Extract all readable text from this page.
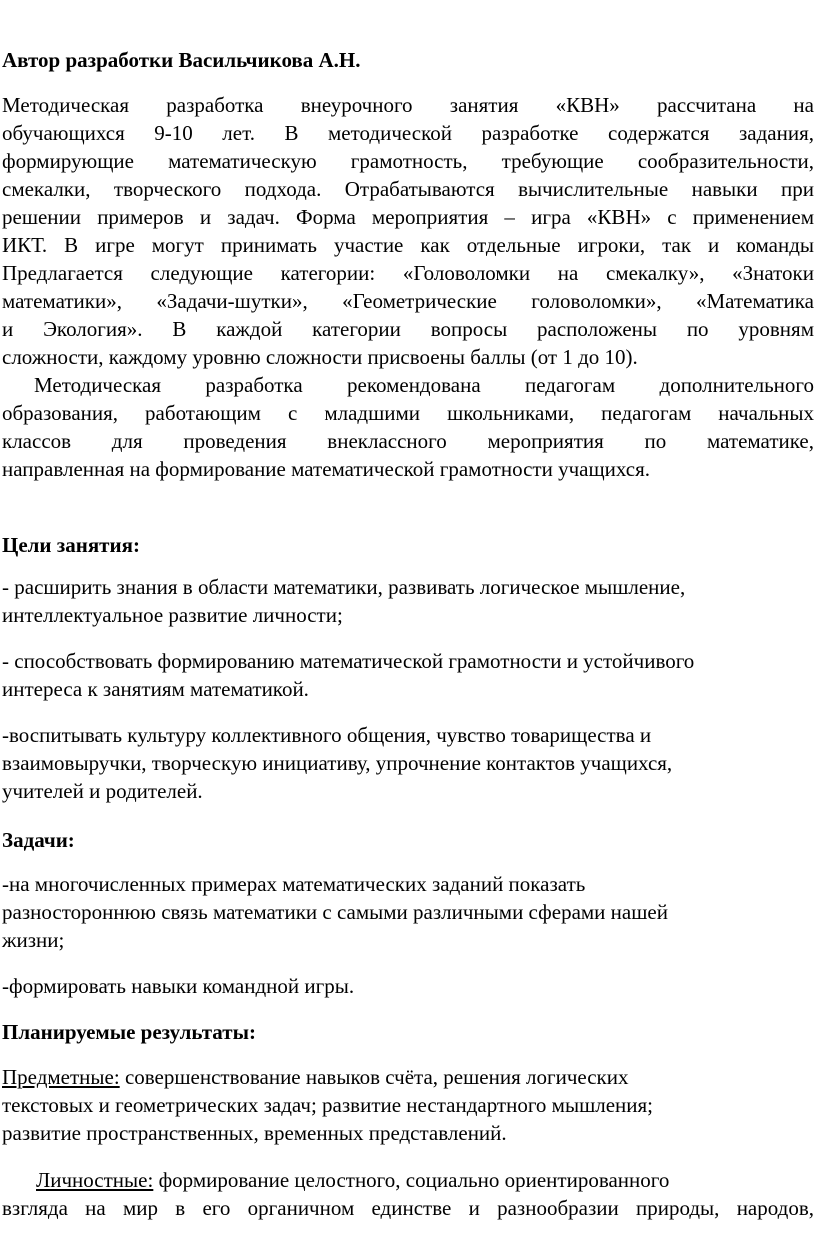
Автор разработки Васильчикова А.Н.
Методическая разработка внеурочного занятия «КВН» рассчитана на
обучающихся 9-10 лет. В методической разработке содержатся задания,
формирующие математическую грамотность, требующие сообразительности,
смекалки, творческого подхода. Отрабатываются вычислительные навыки при
решении примеров и задач. Форма мероприятия – игра «КВН» с применением
ИКТ. В игре могут принимать участие как отдельные игроки, так и команды
Предлагается следующие категории: «Головоломки на смекалку», «Знатоки
математики», «Задачи-шутки», «Геометрические головоломки», «Математика
и Экология». В каждой категории вопросы расположены по уровням
сложности, каждому уровню сложности присвоены баллы (от 1 до 10).
Методическая разработка рекомендована педагогам дополнительного
образования, работающим с младшими школьниками, педагогам начальных
классов для проведения внеклассного мероприятия по математике,
направленная на формирование математической грамотности учащихся.
Цели занятия:
- расширить знания в области математики, развивать логическое мышление,
интеллектуальное развитие личности;
- способствовать формированию математической грамотности и устойчивого
интереса к занятиям математикой.
-воспитывать культуру коллективного общения, чувство товарищества и
взаимовыручки, творческую инициативу, упрочнение контактов учащихся,
учителей и родителей.
Задачи:
-на многочисленных примерах математических заданий показать
разностороннюю связь математики с самыми различными сферами нашей
жизни;
-формировать навыки командной игры.
Планируемые результаты:
Предметные: совершенствование навыков счёта, решения логических
текстовых и геометрических задач; развитие нестандартного мышления;
развитие пространственных, временных представлений.
Личностные: формирование целостного, социально ориентированного
взгляда на мир в его органичном единстве и разнообразии природы, народов,
